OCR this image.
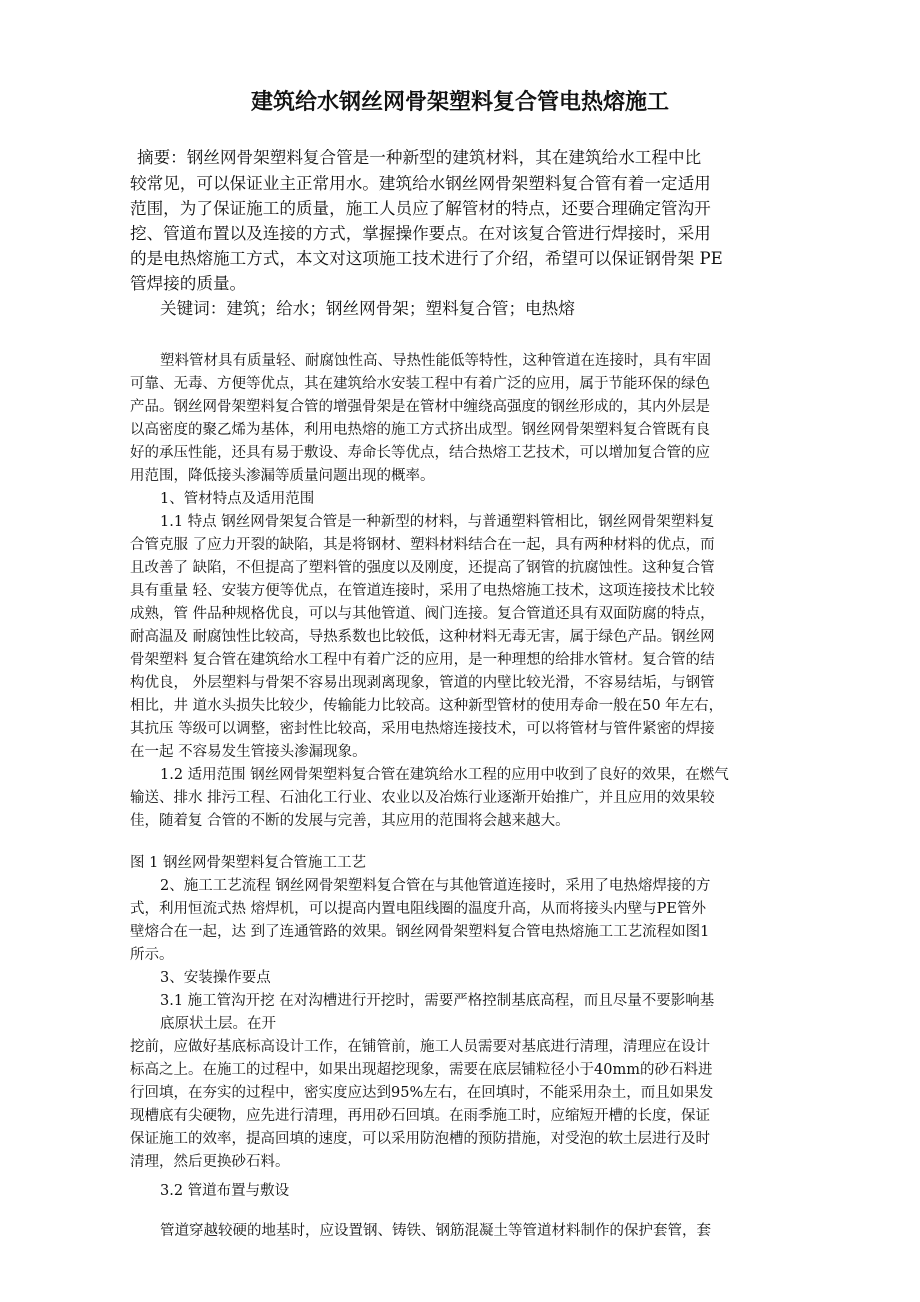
建筑给水钢丝网骨架塑料复合管电热熔施工
摘要：钢丝网骨架塑料复合管是一种新型的建筑材料，其在建筑给水工程中比
较常见，可以保证业主正常用水。建筑给水钢丝网骨架塑料复合管有着一定适用
范围，为了保证施工的质量，施工人员应了解管材的特点，还要合理确定管沟开
挖、管道布置以及连接的方式，掌握操作要点。在对该复合管进行焊接时，采用
的是电热熔施工方式，本文对这项施工技术进行了介绍，希望可以保证钢骨架 PE
管焊接的质量。
关键词：建筑；给水；钢丝网骨架；塑料复合管；电热熔
塑料管材具有质量轻、耐腐蚀性高、导热性能低等特性，这种管道在连接时，具有牢固
可靠、无毒、方便等优点，其在建筑给水安装工程中有着广泛的应用，属于节能环保的绿色
产品。钢丝网骨架塑料复合管的增强骨架是在管材中缠绕高强度的钢丝形成的，其内外层是
以高密度的聚乙烯为基体，利用电热熔的施工方式挤出成型。钢丝网骨架塑料复合管既有良
好的承压性能，还具有易于敷设、寿命长等优点，结合热熔工艺技术，可以增加复合管的应
用范围，降低接头渗漏等质量问题出现的概率。
1、管材特点及适用范围
1.1 特点 钢丝网骨架复合管是一种新型的材料，与普通塑料管相比，钢丝网骨架塑料复
合管克服 了应力开裂的缺陷，其是将钢材、塑料材料结合在一起，具有两种材料的优点，而
且改善了 缺陷，不但提高了塑料管的强度以及刚度，还提高了钢管的抗腐蚀性。这种复合管
具有重量 轻、安装方便等优点，在管道连接时，采用了电热熔施工技术，这项连接技术比较
成熟，管 件品种规格优良，可以与其他管道、阀门连接。复合管道还具有双面防腐的特点，
耐高温及 耐腐蚀性比较高，导热系数也比较低，这种材料无毒无害，属于绿色产品。钢丝网
骨架塑料 复合管在建筑给水工程中有着广泛的应用，是一种理想的给排水管材。复合管的结
构优良， 外层塑料与骨架不容易出现剥离现象，管道的内壁比较光滑，不容易结垢，与钢管
相比，井 道水头损失比较少，传输能力比较高。这种新型管材的使用寿命一般在50 年左右，
其抗压 等级可以调整，密封性比较高，采用电热熔连接技术，可以将管材与管件紧密的焊接
在一起 不容易发生管接头渗漏现象。
1.2 适用范围 钢丝网骨架塑料复合管在建筑给水工程的应用中收到了良好的效果，在燃气
输送、排水 排污工程、石油化工行业、农业以及冶炼行业逐渐开始推广，并且应用的效果较
佳，随着复 合管的不断的发展与完善，其应用的范围将会越来越大。
图 1 钢丝网骨架塑料复合管施工工艺
2、施工工艺流程 钢丝网骨架塑料复合管在与其他管道连接时，采用了电热熔焊接的方
式，利用恒流式热 熔焊机，可以提高内置电阻线圈的温度升高，从而将接头内壁与PE管外
壁熔合在一起，达 到了连通管路的效果。钢丝网骨架塑料复合管电热熔施工工艺流程如图1
所示。
3、安装操作要点
3.1 施工管沟开挖 在对沟槽进行开挖时，需要严格控制基底高程，而且尽量不要影响基
底原状土层。在开
挖前，应做好基底标高设计工作，在铺管前，施工人员需要对基底进行清理，清理应在设计
标高之上。在施工的过程中，如果出现超挖现象，需要在底层铺粒径小于40mm的砂石料进
行回填，在夯实的过程中，密实度应达到95%左右，在回填时，不能采用杂土，而且如果发
现槽底有尖硬物，应先进行清理，再用砂石回填。在雨季施工时，应缩短开槽的长度，保证
保证施工的效率，提高回填的速度，可以采用防泡槽的预防措施，对受泡的软土层进行及时
清理，然后更换砂石料。
3.2 管道布置与敷设
管道穿越较硬的地基时，应设置钢、铸铁、钢筋混凝土等管道材料制作的保护套管，套
